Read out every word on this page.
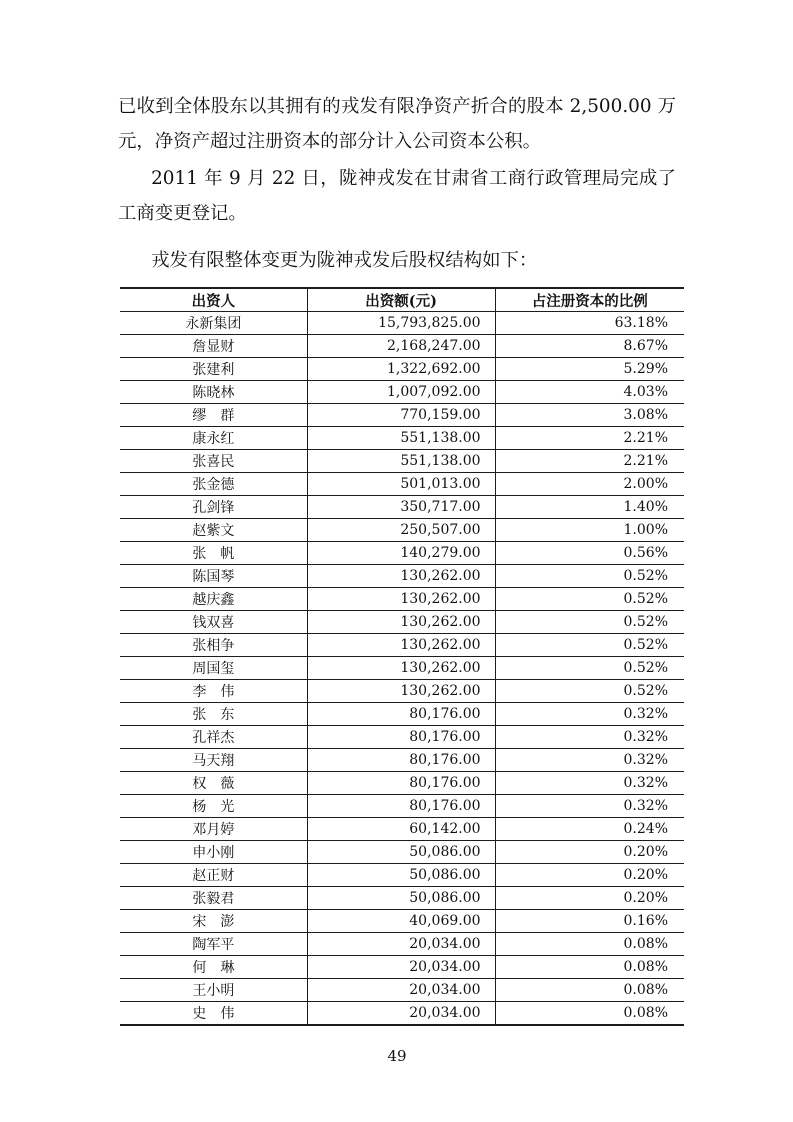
已收到全体股东以其拥有的戎发有限净资产折合的股本 2,500.00 万元，净资产超过注册资本的部分计入公司资本公积。

2011 年 9 月 22 日，陇神戎发在甘肃省工商行政管理局完成了工商变更登记。

戎发有限整体变更为陇神戎发后股权结构如下：

出资人	出资额(元)	占注册资本的比例
永新集团	15,793,825.00	63.18%
詹显财	2,168,247.00	8.67%
张建利	1,322,692.00	5.29%
陈晓林	1,007,092.00	4.03%
缪　群	770,159.00	3.08%
康永红	551,138.00	2.21%
张喜民	551,138.00	2.21%
张金德	501,013.00	2.00%
孔剑锋	350,717.00	1.40%
赵紫文	250,507.00	1.00%
张　帆	140,279.00	0.56%
陈国琴	130,262.00	0.52%
越庆鑫	130,262.00	0.52%
钱双喜	130,262.00	0.52%
张相争	130,262.00	0.52%
周国玺	130,262.00	0.52%
李　伟	130,262.00	0.52%
张　东	80,176.00	0.32%
孔祥杰	80,176.00	0.32%
马天翔	80,176.00	0.32%
权　薇	80,176.00	0.32%
杨　光	80,176.00	0.32%
邓月婷	60,142.00	0.24%
申小刚	50,086.00	0.20%
赵正财	50,086.00	0.20%
张毅君	50,086.00	0.20%
宋　澎	40,069.00	0.16%
陶军平	20,034.00	0.08%
何　琳	20,034.00	0.08%
王小明	20,034.00	0.08%
史　伟	20,034.00	0.08%
49
